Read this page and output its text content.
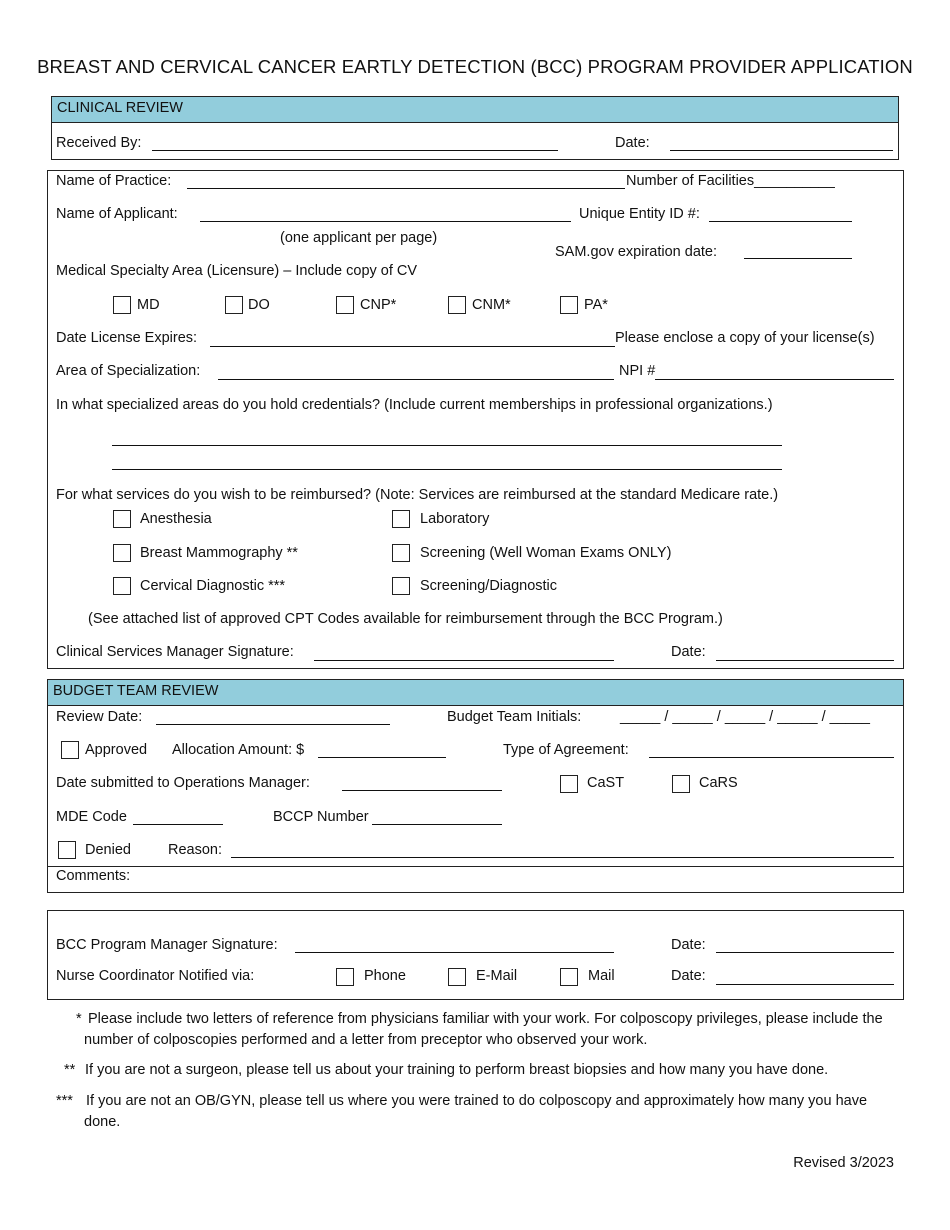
BREAST AND CERVICAL CANCER EARTLY DETECTION (BCC) PROGRAM PROVIDER APPLICATION
CLINICAL REVIEW
Received By:	Date:
Name of Practice:	Number of Facilities__________
Name of Applicant:	Unique Entity ID #:
(one applicant per page)
SAM.gov expiration date:
Medical Specialty Area (Licensure) – Include copy of CV
MD	DO	CNP*	CNM*	PA*
Date License Expires:	Please enclose a copy of your license(s)
Area of Specialization:	NPI #
In what specialized areas do you hold credentials? (Include current memberships in professional organizations.)
For what services do you wish to be reimbursed? (Note: Services are reimbursed at the standard Medicare rate.)
Anesthesia	Laboratory
Breast Mammography **	Screening (Well Woman Exams ONLY)
Cervical Diagnostic ***	Screening/Diagnostic
(See attached list of approved CPT Codes available for reimbursement through the BCC Program.)
Clinical Services Manager Signature:	Date:
BUDGET TEAM REVIEW
Review Date:	Budget Team Initials:	_____ / _____ / _____ / _____ / _____
Approved Allocation Amount: $	Type of Agreement:
Date submitted to Operations Manager:	CaST	CaRS
MDE Code	BCCP Number
Denied	Reason:
Comments:
BCC Program Manager Signature:	Date:
Nurse Coordinator Notified via:	Phone	E-Mail	Mail	Date:
* Please include two letters of reference from physicians familiar with your work. For colposcopy privileges, please include the number of colposcopies performed and a letter from preceptor who observed your work.
** If you are not a surgeon, please tell us about your training to perform breast biopsies and how many you have done.
*** If you are not an OB/GYN, please tell us where you were trained to do colposcopy and approximately how many you have done.
Revised 3/2023
